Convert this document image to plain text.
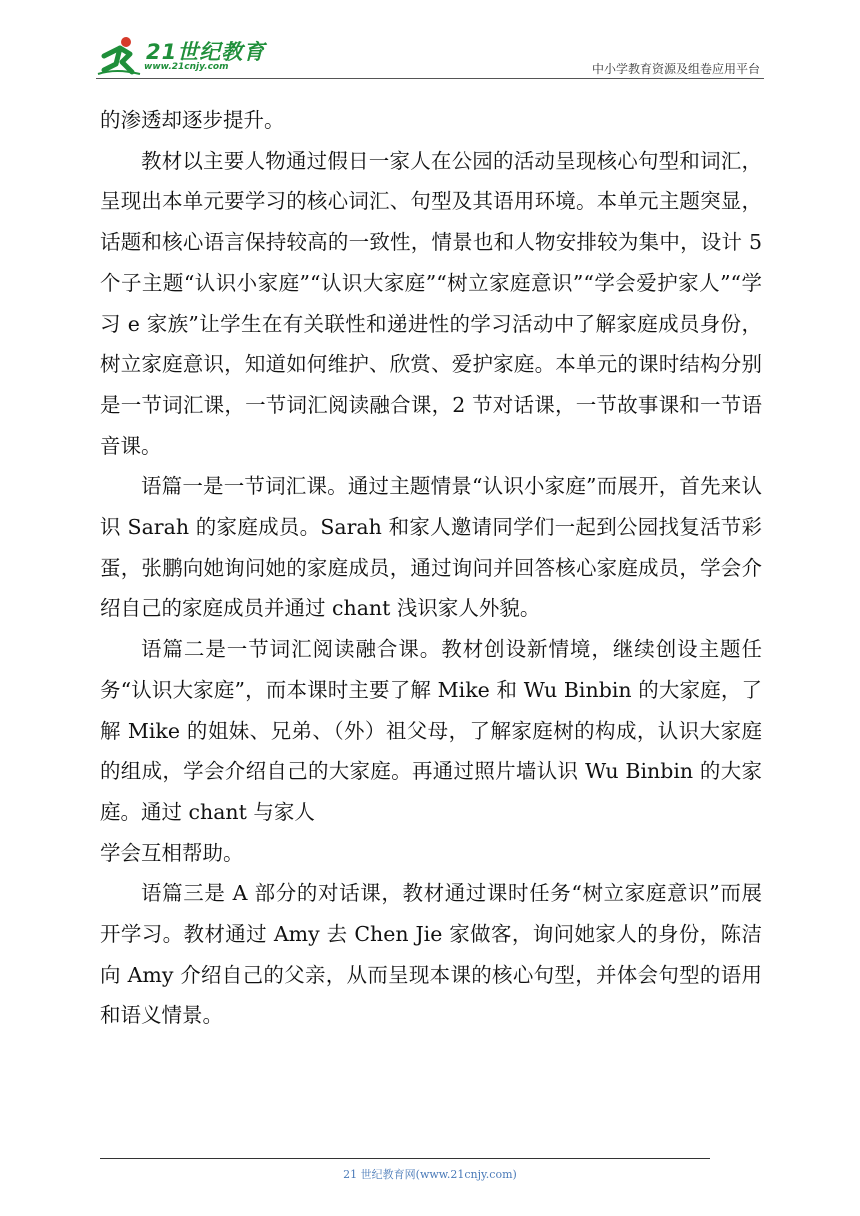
21世纪教育
www.21cnjy.com	中小学教育资源及组卷应用平台

的渗透却逐步提升。

教材以主要人物通过假日一家人在公园的活动呈现核心句型和词汇，呈现出本单元要学习的核心词汇、句型及其语用环境。本单元主题突显，话题和核心语言保持较高的一致性，情景也和人物安排较为集中，设计 5 个子主题“认识小家庭”“认识大家庭”“树立家庭意识”“学会爱护家人”“学习 e 家族”让学生在有关联性和递进性的学习活动中了解家庭成员身份，树立家庭意识，知道如何维护、欣赏、爱护家庭。本单元的课时结构分别是一节词汇课，一节词汇阅读融合课，2 节对话课，一节故事课和一节语音课。

语篇一是一节词汇课。通过主题情景“认识小家庭”而展开，首先来认识 Sarah 的家庭成员。Sarah 和家人邀请同学们一起到公园找复活节彩蛋，张鹏向她询问她的家庭成员，通过询问并回答核心家庭成员，学会介绍自己的家庭成员并通过 chant 浅识家人外貌。

语篇二是一节词汇阅读融合课。教材创设新情境，继续创设主题任务“认识大家庭”，而本课时主要了解 Mike 和 Wu Binbin 的大家庭，了解 Mike 的姐妹、兄弟、（外）祖父母，了解家庭树的构成，认识大家庭的组成，学会介绍自己的大家庭。再通过照片墙认识 Wu Binbin 的大家庭。通过 chant 与家人

学会互相帮助。

语篇三是 A 部分的对话课，教材通过课时任务“树立家庭意识”而展开学习。教材通过 Amy 去 Chen Jie 家做客，询问她家人的身份，陈洁向 Amy 介绍自己的父亲，从而呈现本课的核心句型，并体会句型的语用和语义情景。

21 世纪教育网(www.21cnjy.com)
